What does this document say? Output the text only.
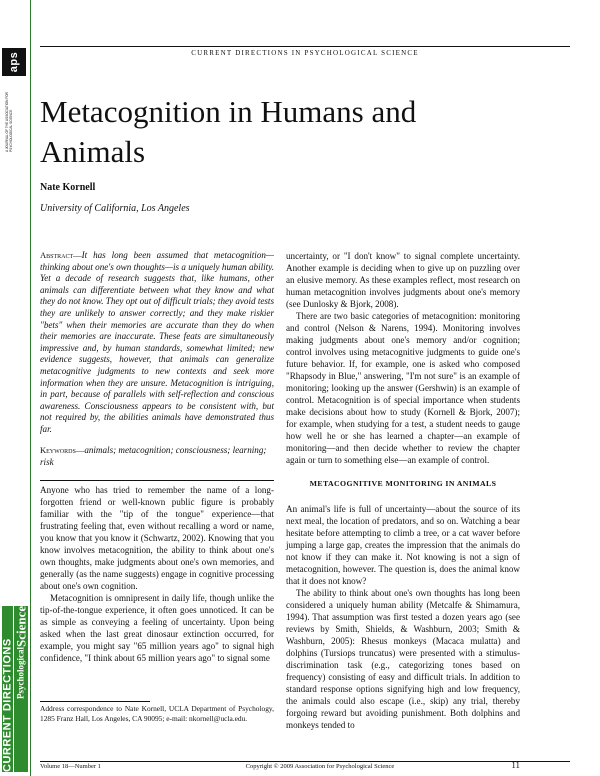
aps
A JOURNAL OF THE ASSOCIATION FOR PSYCHOLOGICAL SCIENCE
CURRENT DIRECTIONS Psychological
Science
CURRENT DIRECTIONS IN PSYCHOLOGICAL SCIENCE
Metacognition in Humans and Animals
Nate Kornell
University of California, Los Angeles
Abstract—It has long been assumed that metacognition—thinking about one's own thoughts—is a uniquely human ability. Yet a decade of research suggests that, like humans, other animals can differentiate between what they know and what they do not know. They opt out of difficult trials; they avoid tests they are unlikely to answer correctly; and they make riskier "bets" when their memories are accurate than they do when their memories are inaccurate. These feats are simultaneously impressive and, by human standards, somewhat limited; new evidence suggests, however, that animals can generalize metacognitive judgments to new contexts and seek more information when they are unsure. Metacognition is intriguing, in part, because of parallels with self-reflection and conscious awareness. Consciousness appears to be consistent with, but not required by, the abilities animals have demonstrated thus far.
Keywords—animals; metacognition; consciousness; learning; risk

Anyone who has tried to remember the name of a long-forgotten friend or well-known public figure is probably familiar with the "tip of the tongue" experience—that frustrating feeling that, even without recalling a word or name, you know that you know it (Schwartz, 2002). Knowing that you know involves metacognition, the ability to think about one's own thoughts, make judgments about one's own memories, and generally (as the name suggests) engage in cognitive processing about one's own cognition.

Metacognition is omnipresent in daily life, though unlike the tip-of-the-tongue experience, it often goes unnoticed. It can be as simple as conveying a feeling of uncertainty. Upon being asked when the last great dinosaur extinction occurred, for example, you might say "65 million years ago" to signal high confidence, "I think about 65 million years ago" to signal some

uncertainty, or "I don't know" to signal complete uncertainty. Another example is deciding when to give up on puzzling over an elusive memory. As these examples reflect, most research on human metacognition involves judgments about one's memory (see Dunlosky & Bjork, 2008).

There are two basic categories of metacognition: monitoring and control (Nelson & Narens, 1994). Monitoring involves making judgments about one's memory and/or cognition; control involves using metacognitive judgments to guide one's future behavior. If, for example, one is asked who composed "Rhapsody in Blue," answering, "I'm not sure" is an example of monitoring; looking up the answer (Gershwin) is an example of control. Metacognition is of special importance when students make decisions about how to study (Kornell & Bjork, 2007); for example, when studying for a test, a student needs to gauge how well he or she has learned a chapter—an example of monitoring—and then decide whether to review the chapter again or turn to something else—an example of control.

METACOGNITIVE MONITORING IN ANIMALS

An animal's life is full of uncertainty—about the source of its next meal, the location of predators, and so on. Watching a bear hesitate before attempting to climb a tree, or a cat waver before jumping a large gap, creates the impression that the animals do not know if they can make it. Not knowing is not a sign of metacognition, however. The question is, does the animal know that it does not know?

The ability to think about one's own thoughts has long been considered a uniquely human ability (Metcalfe & Shimamura, 1994). That assumption was first tested a dozen years ago (see reviews by Smith, Shields, & Washburn, 2003; Smith & Washburn, 2005): Rhesus monkeys (Macaca mulatta) and dolphins (Tursiops truncatus) were presented with a stimulus-discrimination task (e.g., categorizing tones based on frequency) consisting of easy and difficult trials. In addition to standard response options signifying high and low frequency, the animals could also escape (i.e., skip) any trial, thereby forgoing reward but avoiding punishment. Both dolphins and monkeys tended to

Address correspondence to Nate Kornell, UCLA Department of Psychology, 1285 Franz Hall, Los Angeles, CA 90095; e-mail: nkornell@ucla.edu.
Volume 18—Number 1	Copyright © 2009 Association for Psychological Science	11
